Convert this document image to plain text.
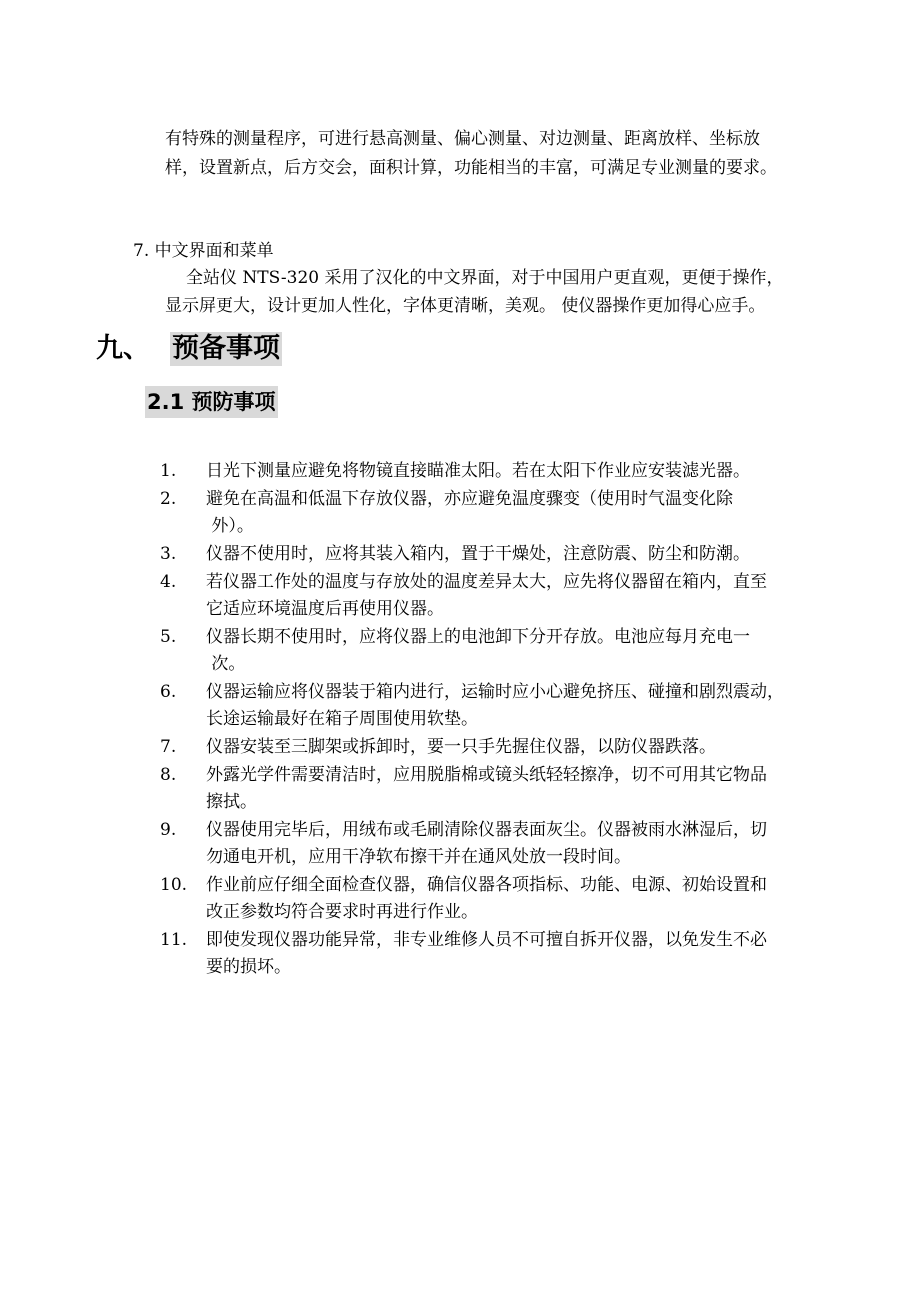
有特殊的测量程序，可进行悬高测量、偏心测量、对边测量、距离放样、坐标放
样，设置新点，后方交会，面积计算，功能相当的丰富，可满足专业测量的要求。
7. 中文界面和菜单
全站仪 NTS-320 采用了汉化的中文界面，对于中国用户更直观，更便于操作，
显示屏更大，设计更加人性化，字体更清晰，美观。 使仪器操作更加得心应手。
九、 预备事项
2.1 预防事项
1. 日光下测量应避免将物镜直接瞄准太阳。若在太阳下作业应安装滤光器。
2. 避免在高温和低温下存放仪器，亦应避免温度骤变（使用时气温变化除
外）。
3. 仪器不使用时，应将其装入箱内，置于干燥处，注意防震、防尘和防潮。
4. 若仪器工作处的温度与存放处的温度差异太大，应先将仪器留在箱内，直至
它适应环境温度后再使用仪器。
5. 仪器长期不使用时，应将仪器上的电池卸下分开存放。电池应每月充电一
次。
6. 仪器运输应将仪器装于箱内进行，运输时应小心避免挤压、碰撞和剧烈震动，
长途运输最好在箱子周围使用软垫。
7. 仪器安装至三脚架或拆卸时，要一只手先握住仪器，以防仪器跌落。
8. 外露光学件需要清洁时，应用脱脂棉或镜头纸轻轻擦净，切不可用其它物品
擦拭。
9. 仪器使用完毕后，用绒布或毛刷清除仪器表面灰尘。仪器被雨水淋湿后，切
勿通电开机，应用干净软布擦干并在通风处放一段时间。
10. 作业前应仔细全面检查仪器，确信仪器各项指标、功能、电源、初始设置和
改正参数均符合要求时再进行作业。
11. 即使发现仪器功能异常，非专业维修人员不可擅自拆开仪器，以免发生不必
要的损坏。
